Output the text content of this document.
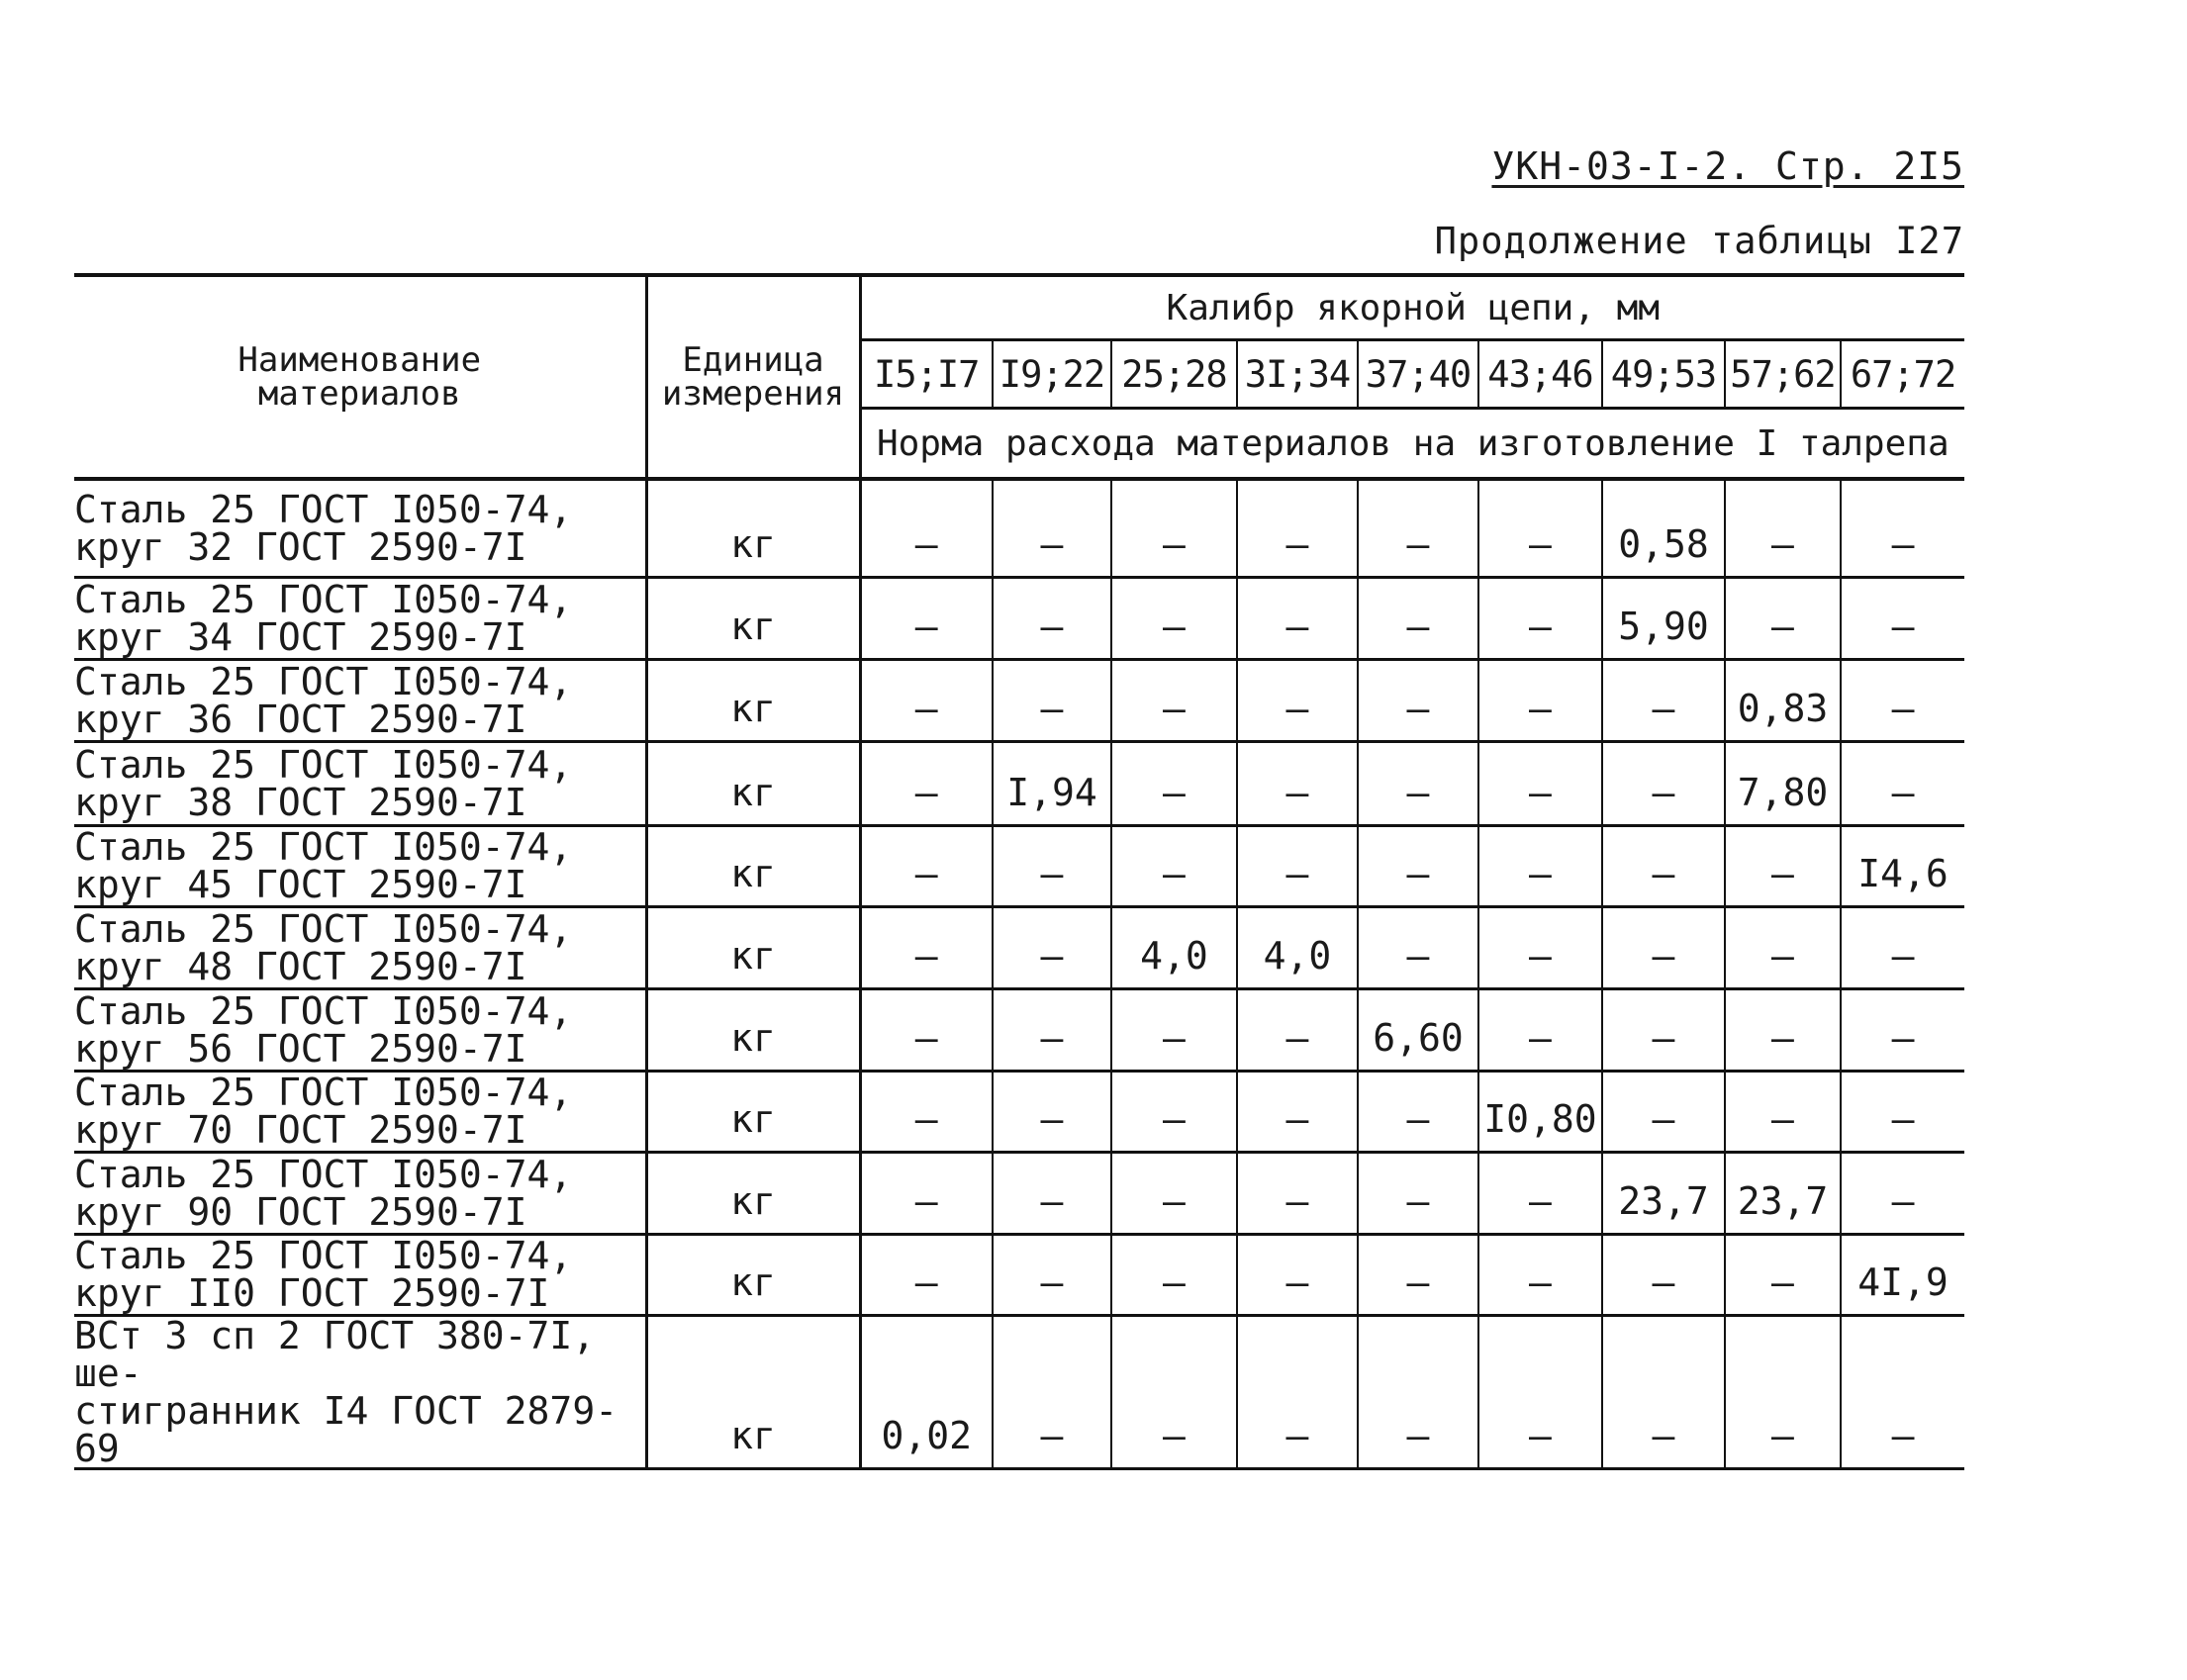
УКН-03-I-2. Стр. 2I5
Продолжение таблицы I27
Наименование
материалов	Единица
измерения	Калибр якорной цепи, мм								
		I5;I7	I9;22	25;28	3I;34	37;40	43;46	49;53	57;62	67;72
		Норма расхода материалов на изготовление I талрепа								
Сталь 25 ГОСТ I050-74,
круг 32 ГОСТ 2590-7I	кг	–	–	–	–	–	–	0,58	–	–
Сталь 25 ГОСТ I050-74,
круг 34 ГОСТ 2590-7I	кг	–	–	–	–	–	–	5,90	–	–
Сталь 25 ГОСТ I050-74,
круг 36 ГОСТ 2590-7I	кг	–	–	–	–	–	–	–	0,83	–
Сталь 25 ГОСТ I050-74,
круг 38 ГОСТ 2590-7I	кг	–	I,94	–	–	–	–	–	7,80	–
Сталь 25 ГОСТ I050-74,
круг 45 ГОСТ 2590-7I	кг	–	–	–	–	–	–	–	–	I4,6
Сталь 25 ГОСТ I050-74,
круг 48 ГОСТ 2590-7I	кг	–	–	4,0	4,0	–	–	–	–	–
Сталь 25 ГОСТ I050-74,
круг 56 ГОСТ 2590-7I	кг	–	–	–	–	6,60	–	–	–	–
Сталь 25 ГОСТ I050-74,
круг 70 ГОСТ 2590-7I	кг	–	–	–	–	–	I0,80	–	–	–
Сталь 25 ГОСТ I050-74,
круг 90 ГОСТ 2590-7I	кг	–	–	–	–	–	–	23,7	23,7	–
Сталь 25 ГОСТ I050-74,
круг II0 ГОСТ 2590-7I	кг	–	–	–	–	–	–	–	–	4I,9
ВСт 3 сп 2 ГОСТ 380-7I, ше-
стигранник I4 ГОСТ 2879-69	кг	0,02	–	–	–	–	–	–	–	–
